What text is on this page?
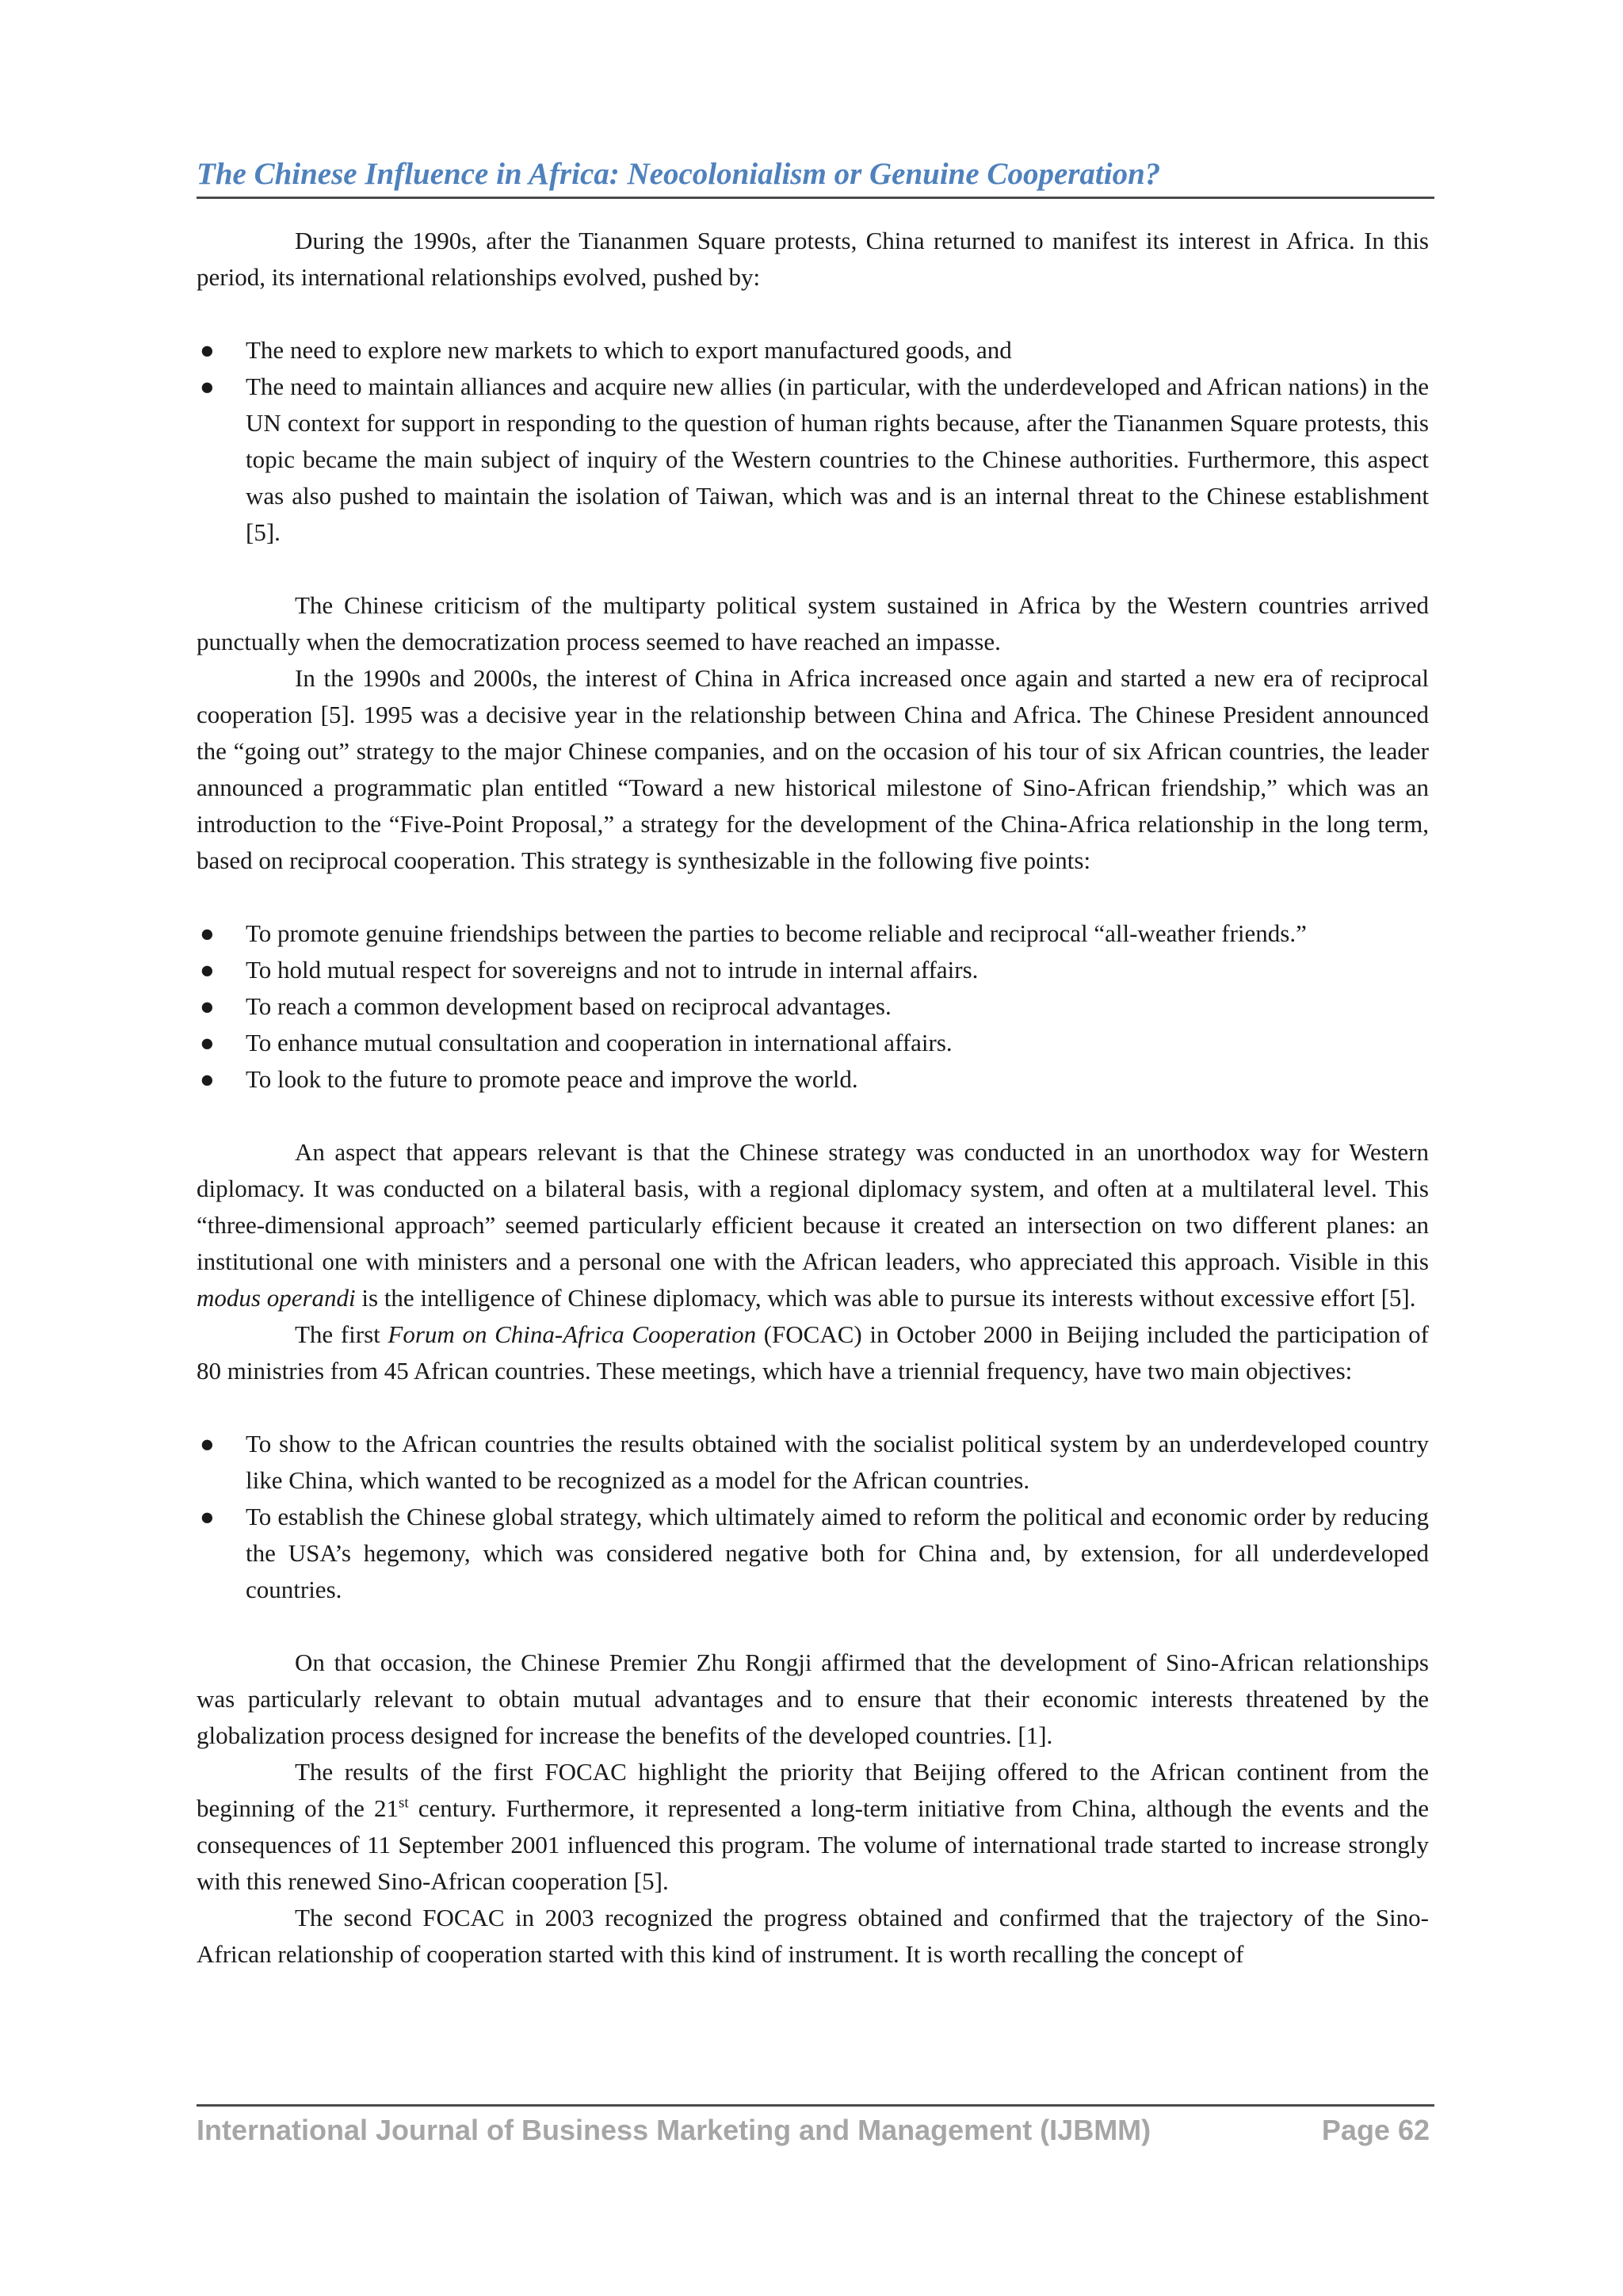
The Chinese Influence in Africa: Neocolonialism or Genuine Cooperation?

During the 1990s, after the Tiananmen Square protests, China returned to manifest its interest in Africa. In this period, its international relationships evolved, pushed by:

● The need to explore new markets to which to export manufactured goods, and
● The need to maintain alliances and acquire new allies (in particular, with the underdeveloped and African nations) in the UN context for support in responding to the question of human rights because, after the Tiananmen Square protests, this topic became the main subject of inquiry of the Western countries to the Chinese authorities. Furthermore, this aspect was also pushed to maintain the isolation of Taiwan, which was and is an internal threat to the Chinese establishment [5].

The Chinese criticism of the multiparty political system sustained in Africa by the Western countries arrived punctually when the democratization process seemed to have reached an impasse.

In the 1990s and 2000s, the interest of China in Africa increased once again and started a new era of reciprocal cooperation [5]. 1995 was a decisive year in the relationship between China and Africa. The Chinese President announced the “going out” strategy to the major Chinese companies, and on the occasion of his tour of six African countries, the leader announced a programmatic plan entitled “Toward a new historical milestone of Sino-African friendship,” which was an introduction to the “Five-Point Proposal,” a strategy for the development of the China-Africa relationship in the long term, based on reciprocal cooperation. This strategy is synthesizable in the following five points:

● To promote genuine friendships between the parties to become reliable and reciprocal “all-weather friends.”
● To hold mutual respect for sovereigns and not to intrude in internal affairs.
● To reach a common development based on reciprocal advantages.
● To enhance mutual consultation and cooperation in international affairs.
● To look to the future to promote peace and improve the world.

An aspect that appears relevant is that the Chinese strategy was conducted in an unorthodox way for Western diplomacy. It was conducted on a bilateral basis, with a regional diplomacy system, and often at a multilateral level. This “three-dimensional approach” seemed particularly efficient because it created an intersection on two different planes: an institutional one with ministers and a personal one with the African leaders, who appreciated this approach. Visible in this modus operandi is the intelligence of Chinese diplomacy, which was able to pursue its interests without excessive effort [5].

The first Forum on China-Africa Cooperation (FOCAC) in October 2000 in Beijing included the participation of 80 ministries from 45 African countries. These meetings, which have a triennial frequency, have two main objectives:

● To show to the African countries the results obtained with the socialist political system by an underdeveloped country like China, which wanted to be recognized as a model for the African countries.
● To establish the Chinese global strategy, which ultimately aimed to reform the political and economic order by reducing the USA’s hegemony, which was considered negative both for China and, by extension, for all underdeveloped countries.

On that occasion, the Chinese Premier Zhu Rongji affirmed that the development of Sino-African relationships was particularly relevant to obtain mutual advantages and to ensure that their economic interests threatened by the globalization process designed for increase the benefits of the developed countries. [1].

The results of the first FOCAC highlight the priority that Beijing offered to the African continent from the beginning of the 21st century. Furthermore, it represented a long-term initiative from China, although the events and the consequences of 11 September 2001 influenced this program. The volume of international trade started to increase strongly with this renewed Sino-African cooperation [5].

The second FOCAC in 2003 recognized the progress obtained and confirmed that the trajectory of the Sino-African relationship of cooperation started with this kind of instrument. It is worth recalling the concept of

International Journal of Business Marketing and Management (IJBMM)	Page 62
